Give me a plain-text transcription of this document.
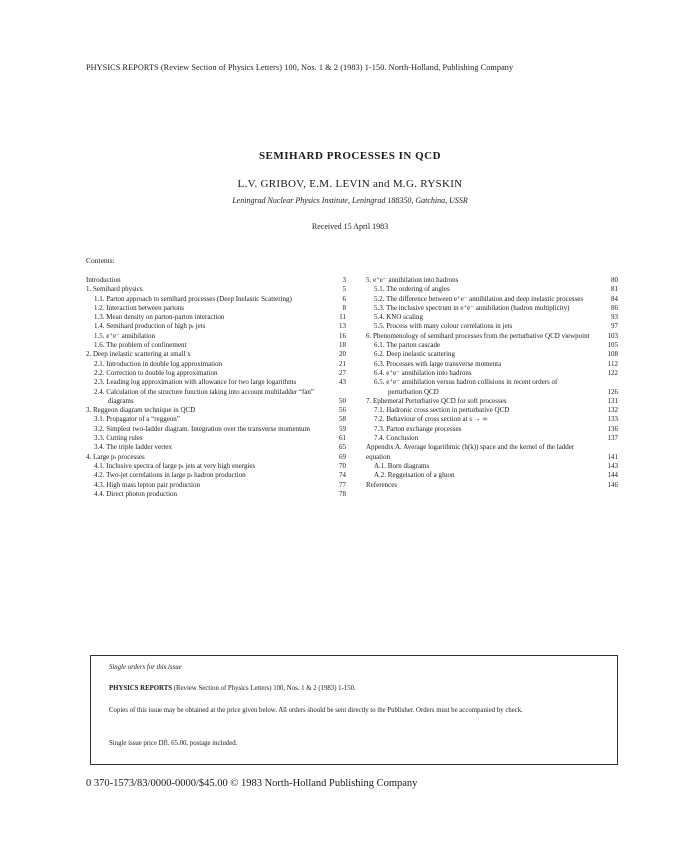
PHYSICS REPORTS (Review Section of Physics Letters) 100, Nos. 1 & 2 (1983) 1-150. North-Holland, Publishing Company
SEMIHARD PROCESSES IN QCD
L.V. GRIBOV, E.M. LEVIN and M.G. RYSKIN
Leningrad Nuclear Physics Institute, Leningrad 188350, Gatchina, USSR
Received 15 April 1983
Contents:
Introduction	3
1. Semihard physics	5
1.1. Parton approach to semihard processes (Deep Inelastic Scattering)	6
1.2. Interaction between partons	8
1.3. Mean density on parton-parton interaction	11
1.4. Semihard production of high pₜ jets	13
1.5. e⁺e⁻ annihilation	16
1.6. The problem of confinement	18
2. Deep inelastic scattering at small x	20
2.1. Introduction in double log approximation	21
2.2. Correction to double log approximation	27
2.3. Leading log approximation with allowance for two large logarithms	43
2.4. Calculation of the structure function taking into account multiladder “fan” diagrams	50
3. Reggeon diagram technique in QCD	56
3.1. Propagator of a “reggeon”	58
3.2. Simplest two-ladder diagram. Integration over the transverse momentum	59
3.3. Cutting rules	61
3.4. The triple ladder vertex	65
4. Large pₜ processes	69
4.1. Inclusive spectra of large pₜ jets at very high energies	70
4.2. Two-jet correlations in large pₜ hadron production	74
4.3. High mass lepton pair production	77
4.4. Direct photon production	78
5. e⁺e⁻ annihilation into hadrons	80
5.1. The ordering of angles	81
5.2. The difference between e⁺e⁻ annihilation and deep inelastic processes	84
5.3. The inclusive spectrum in e⁺e⁻ annihilation (hadron multiplicity)	86
5.4. KNO scaling	93
5.5. Process with many colour correlations in jets	97
6. Phenomenology of semihard processes from the perturbative QCD viewpoint	103
6.1. The parton cascade	105
6.2. Deep inelastic scattering	108
6.3. Processes with large transverse momenta	112
6.4. e⁺e⁻ annihilation into hadrons	122
6.5. e⁺e⁻ annihilation versus hadron collisions in recent orders of perturbation QCD	126
7. Ephemeral Perturbative QCD for soft processes	131
7.1. Hadronic cross section in perturbative QCD	132
7.2. Behaviour of cross section at s → ∞	133
7.3. Parton exchange processes	136
7.4. Conclusion	137
Appendix A. Average logarithmic (h(k)) space and the kernel of the ladder equation	141
A.1. Born diagrams	143
A.2. Reggeisation of a gluon	144
References	146
Single orders for this issue
PHYSICS REPORTS (Review Section of Physics Letters) 100, Nos. 1 & 2 (1983) 1-150.
Copies of this issue may be obtained at the price given below. All orders should be sent directly to the Publisher. Orders must be accompanied by check.
Single issue price Dfl. 65.00, postage included.
0 370-1573/83/0000-0000/$45.00 © 1983 North-Holland Publishing Company
